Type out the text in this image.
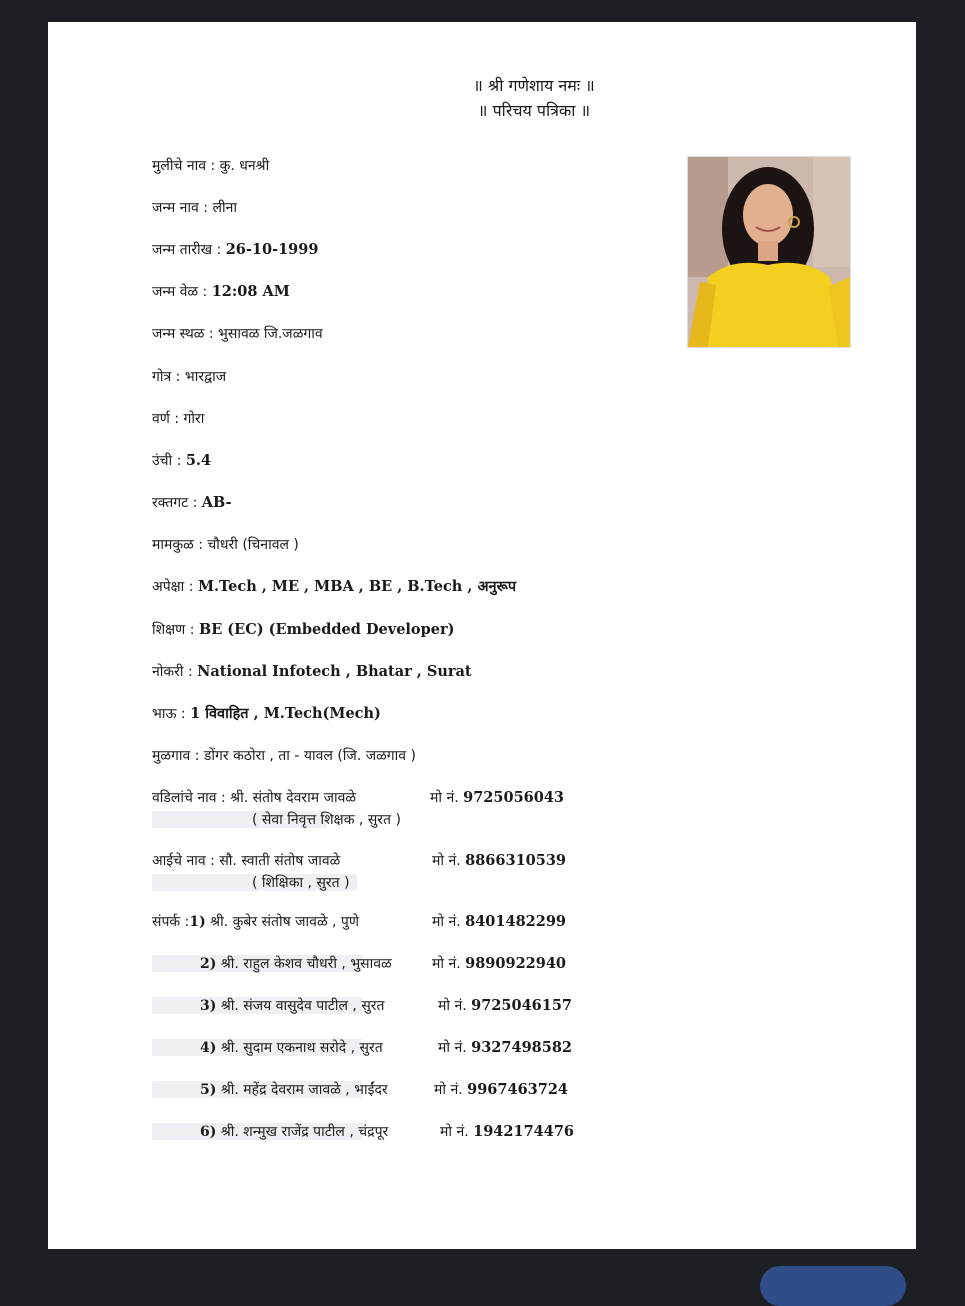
॥ श्री गणेशाय नमः ॥
॥ परिचय पत्रिका ॥
मुलीचे नाव : कु. धनश्री
जन्म नाव : लीना
जन्म तारीख : 26-10-1999
जन्म वेळ : 12:08 AM
जन्म स्थळ : भुसावळ जि.जळगाव
गोत्र : भारद्वाज
वर्ण : गोरा
उंची : 5.4
रक्तगट : AB-
मामकुळ : चौधरी (चिनावल )
अपेक्षा : M.Tech , ME , MBA , BE , B.Tech , अनुरूप
शिक्षण : BE (EC) (Embedded Developer)
नोकरी : National Infotech , Bhatar , Surat
भाऊ : 1 विवाहित , M.Tech(Mech)
मुळगाव : डोंगर कठोरा , ता - यावल (जि. जळगाव )
वडिलांचे नाव : श्री. संतोष देवराम जावळे	मो नं. 9725056043
( सेवा निवृत्त शिक्षक , सुरत )
आईचे नाव : सौ. स्वाती संतोष जावळे	मो नं. 8866310539
( शिक्षिका , सुरत )
संपर्क : 1) श्री. कुबेर संतोष जावळे , पुणे	मो नं. 8401482299
2) श्री. राहुल केशव चौधरी , भुसावळ	मो नं. 9890922940
3) श्री. संजय वासुदेव पाटील , सुरत	मो नं. 9725046157
4) श्री. सुदाम एकनाथ सरोदे , सुरत	मो नं. 9327498582
5) श्री. महेंद्र देवराम जावळे , भाईंदर	मो नं. 9967463724
6) श्री. शन्मुख राजेंद्र पाटील , चंद्रपूर	मो नं. 1942174476
